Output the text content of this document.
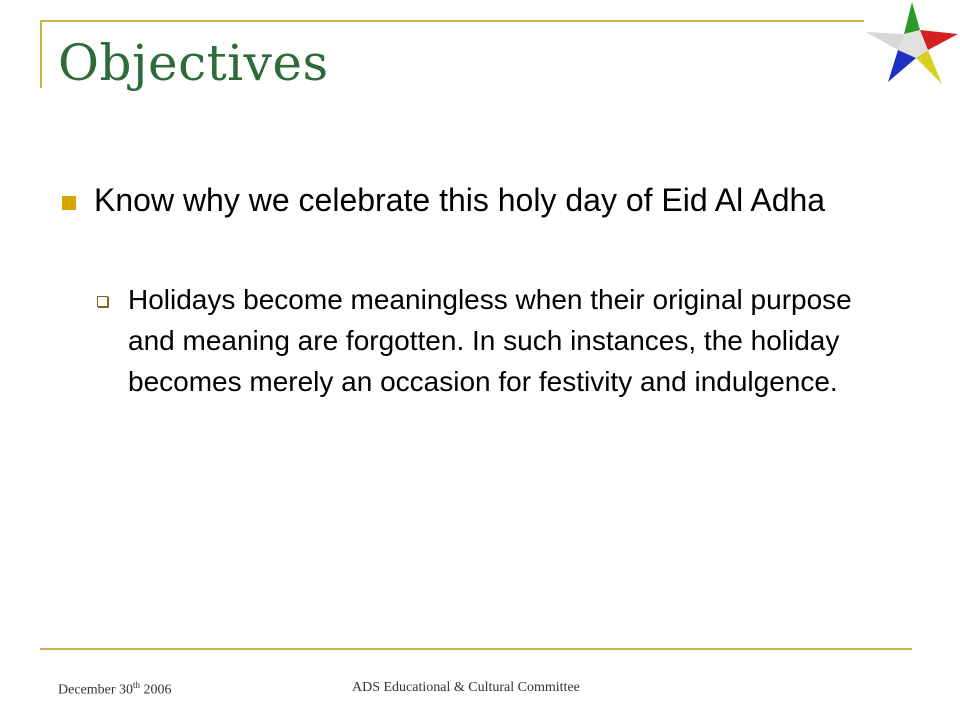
Objectives
Know why we celebrate this holy day of Eid Al Adha
Holidays become meaningless when their original purpose and meaning are forgotten. In such instances, the holiday becomes merely an occasion for festivity and indulgence.
December 30th 2006	ADS Educational & Cultural Committee
